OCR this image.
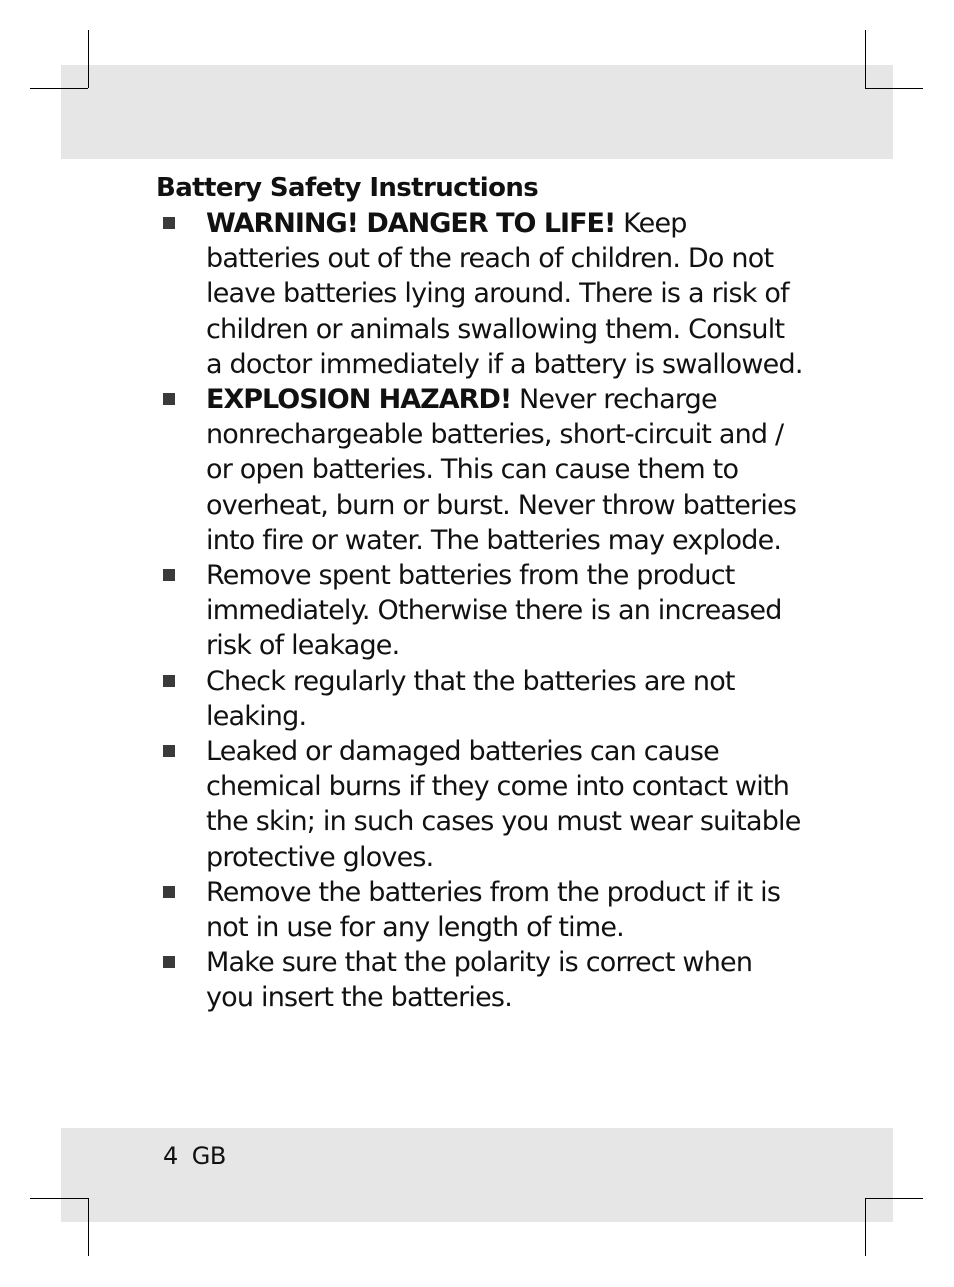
Battery Safety Instructions
WARNING! DANGER TO LIFE! Keep batteries out of the reach of children. Do not leave batteries lying around. There is a risk of children or animals swallowing them. Consult a doctor immediately if a battery is swallowed.
EXPLOSION HAZARD! Never recharge nonrechargeable batteries, short-circuit and / or open batteries. This can cause them to overheat, burn or burst. Never throw batteries into fire or water. The batteries may explode.
Remove spent batteries from the product immediately. Otherwise there is an increased risk of leakage.
Check regularly that the batteries are not leaking.
Leaked or damaged batteries can cause chemical burns if they come into contact with the skin; in such cases you must wear suitable protective gloves.
Remove the batteries from the product if it is not in use for any length of time.
Make sure that the polarity is correct when you insert the batteries.
4 GB
